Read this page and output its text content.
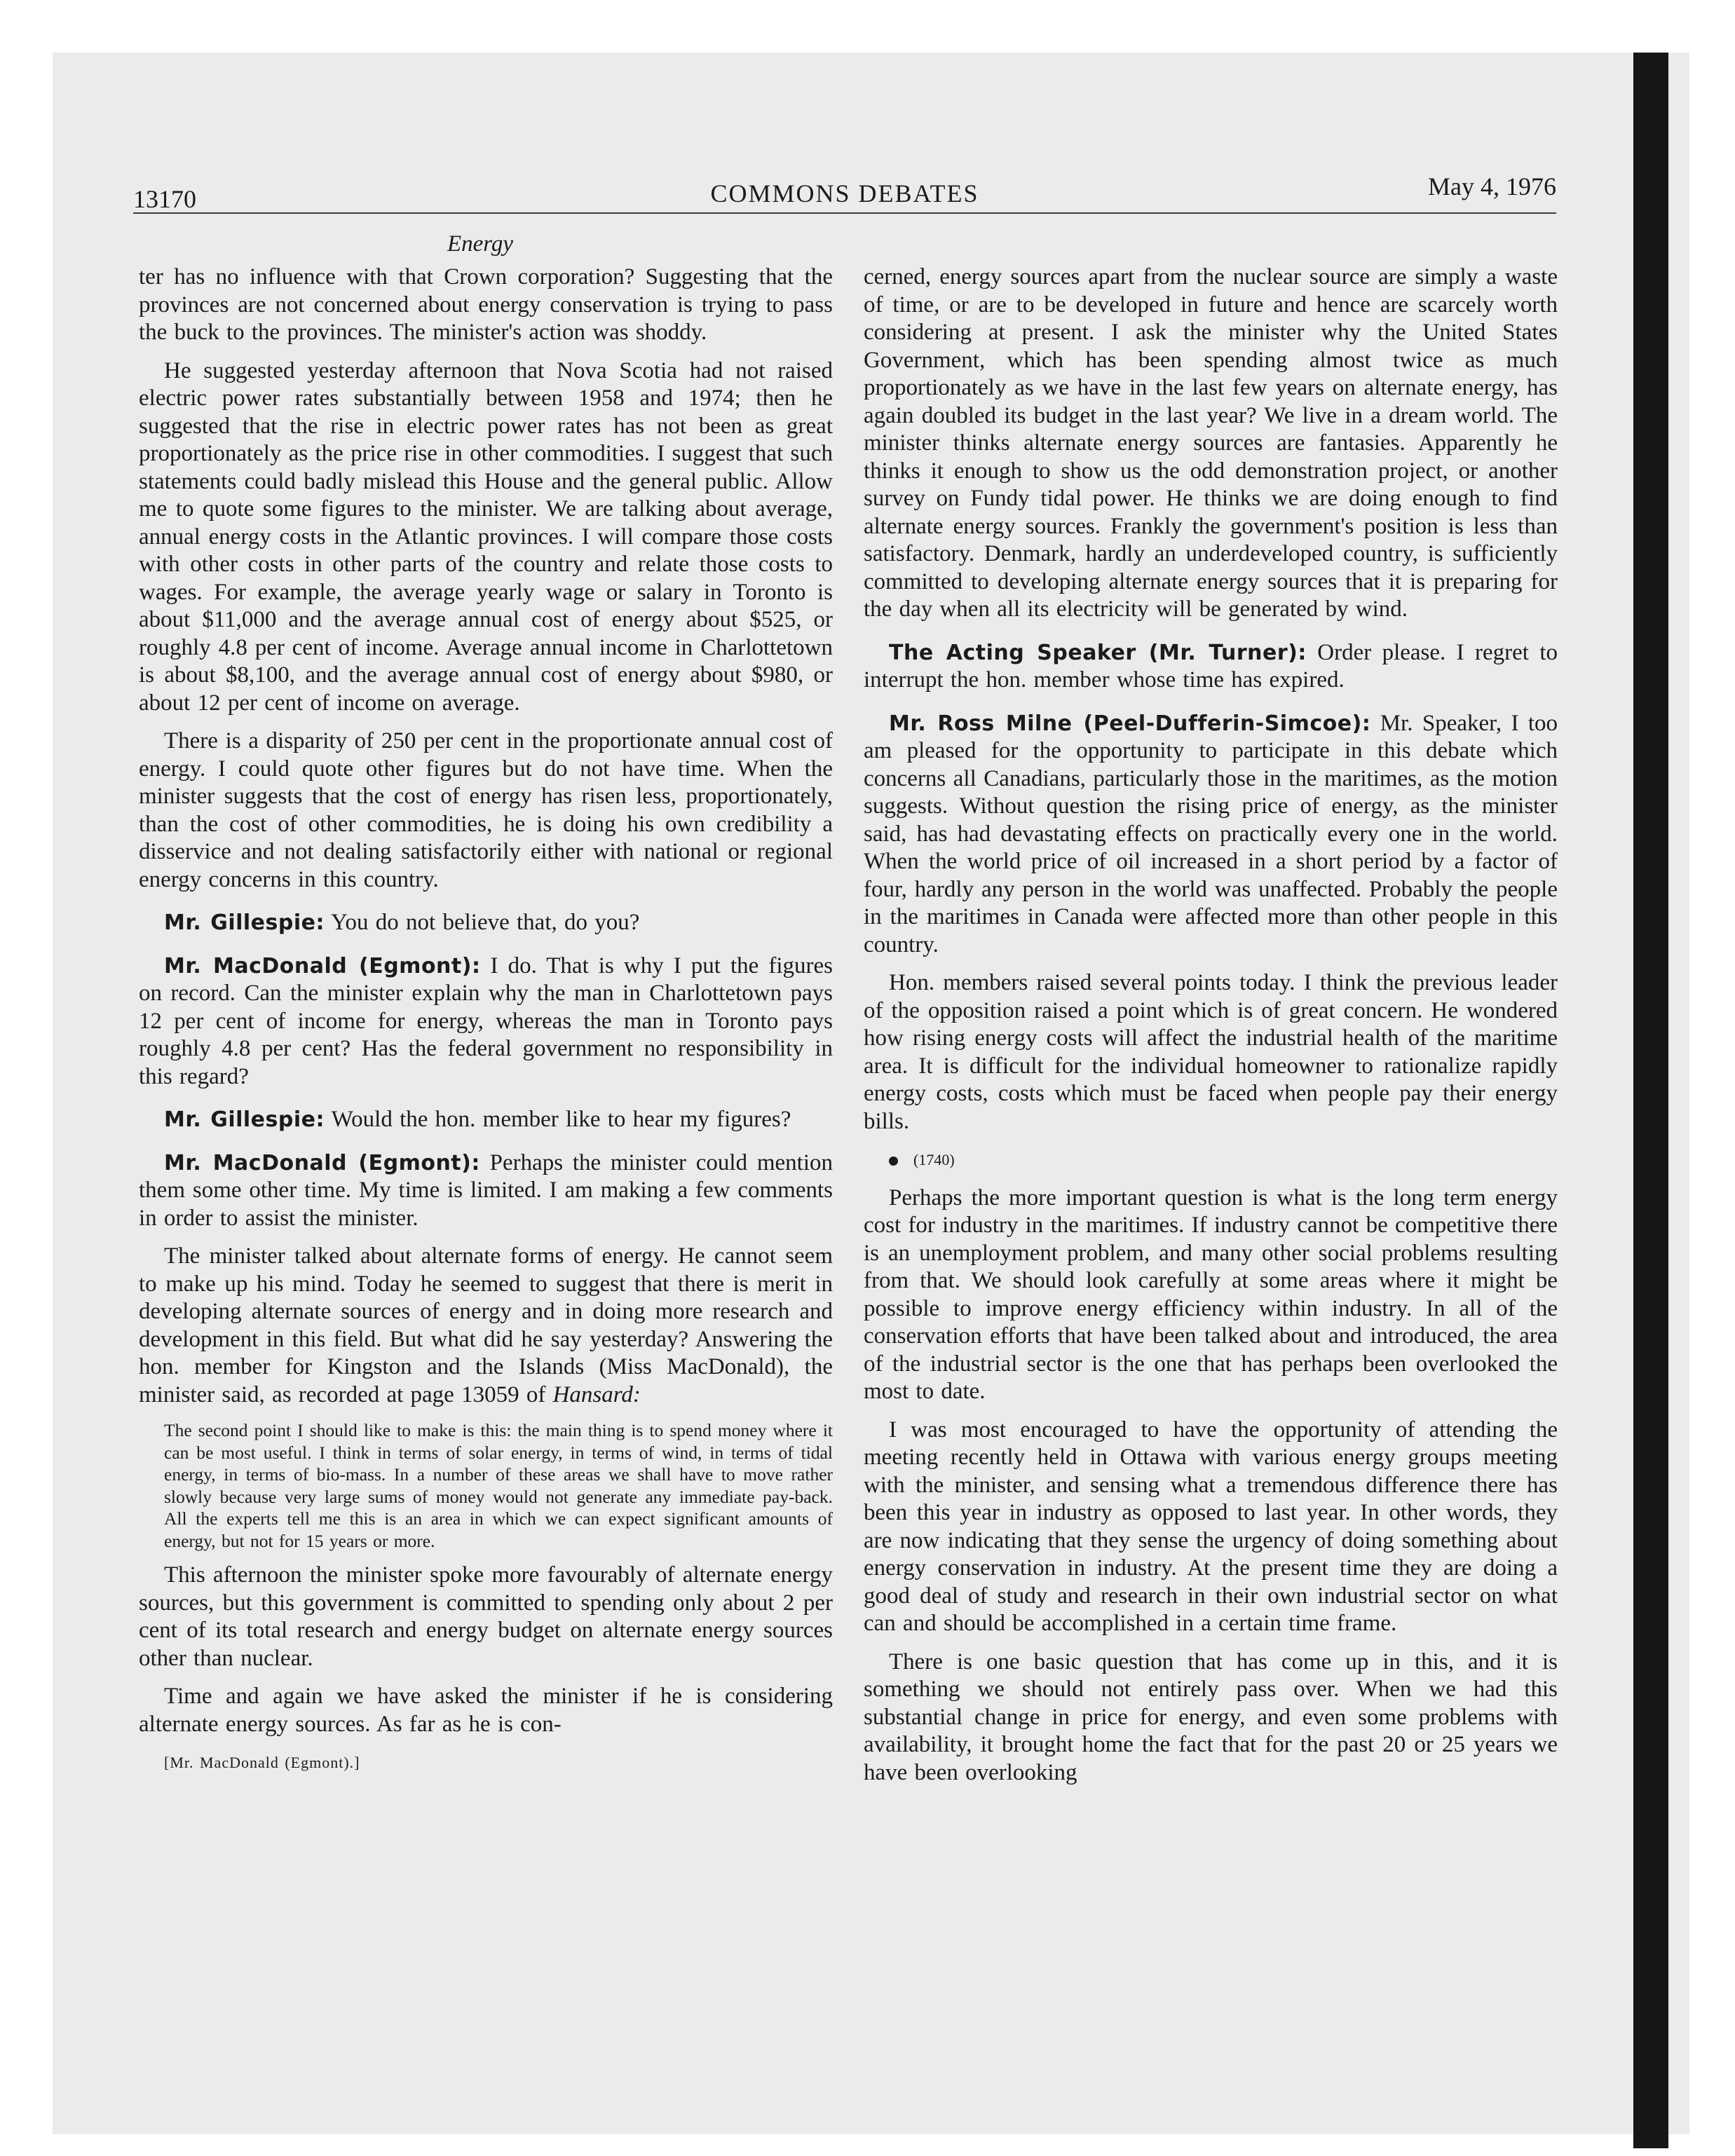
13170	COMMONS DEBATES	May 4, 1976
Energy

ter has no influence with that Crown corporation? Suggesting that the provinces are not concerned about energy conservation is trying to pass the buck to the provinces. The minister's action was shoddy.

He suggested yesterday afternoon that Nova Scotia had not raised electric power rates substantially between 1958 and 1974; then he suggested that the rise in electric power rates has not been as great proportionately as the price rise in other commodities. I suggest that such statements could badly mislead this House and the general public. Allow me to quote some figures to the minister. We are talking about average, annual energy costs in the Atlantic provinces. I will compare those costs with other costs in other parts of the country and relate those costs to wages. For example, the average yearly wage or salary in Toronto is about $11,000 and the average annual cost of energy about $525, or roughly 4.8 per cent of income. Average annual income in Charlottetown is about $8,100, and the average annual cost of energy about $980, or about 12 per cent of income on average.

There is a disparity of 250 per cent in the proportionate annual cost of energy. I could quote other figures but do not have time. When the minister suggests that the cost of energy has risen less, proportionately, than the cost of other commodities, he is doing his own credibility a disservice and not dealing satisfactorily either with national or regional energy concerns in this country.

Mr. Gillespie: You do not believe that, do you?

Mr. MacDonald (Egmont): I do. That is why I put the figures on record. Can the minister explain why the man in Charlottetown pays 12 per cent of income for energy, whereas the man in Toronto pays roughly 4.8 per cent? Has the federal government no responsibility in this regard?

Mr. Gillespie: Would the hon. member like to hear my figures?

Mr. MacDonald (Egmont): Perhaps the minister could mention them some other time. My time is limited. I am making a few comments in order to assist the minister.

The minister talked about alternate forms of energy. He cannot seem to make up his mind. Today he seemed to suggest that there is merit in developing alternate sources of energy and in doing more research and development in this field. But what did he say yesterday? Answering the hon. member for Kingston and the Islands (Miss MacDonald), the minister said, as recorded at page 13059 of Hansard:

The second point I should like to make is this: the main thing is to spend money where it can be most useful. I think in terms of solar energy, in terms of wind, in terms of tidal energy, in terms of bio-mass. In a number of these areas we shall have to move rather slowly because very large sums of money would not generate any immediate pay-back. All the experts tell me this is an area in which we can expect significant amounts of energy, but not for 15 years or more.

This afternoon the minister spoke more favourably of alternate energy sources, but this government is committed to spending only about 2 per cent of its total research and energy budget on alternate energy sources other than nuclear.

Time and again we have asked the minister if he is considering alternate energy sources. As far as he is con-

[Mr. MacDonald (Egmont).]

cerned, energy sources apart from the nuclear source are simply a waste of time, or are to be developed in future and hence are scarcely worth considering at present. I ask the minister why the United States Government, which has been spending almost twice as much proportionately as we have in the last few years on alternate energy, has again doubled its budget in the last year? We live in a dream world. The minister thinks alternate energy sources are fantasies. Apparently he thinks it enough to show us the odd demonstration project, or another survey on Fundy tidal power. He thinks we are doing enough to find alternate energy sources. Frankly the government's position is less than satisfactory. Denmark, hardly an underdeveloped country, is sufficiently committed to developing alternate energy sources that it is preparing for the day when all its electricity will be generated by wind.

The Acting Speaker (Mr. Turner): Order please. I regret to interrupt the hon. member whose time has expired.

Mr. Ross Milne (Peel-Dufferin-Simcoe): Mr. Speaker, I too am pleased for the opportunity to participate in this debate which concerns all Canadians, particularly those in the maritimes, as the motion suggests. Without question the rising price of energy, as the minister said, has had devastating effects on practically every one in the world. When the world price of oil increased in a short period by a factor of four, hardly any person in the world was unaffected. Probably the people in the maritimes in Canada were affected more than other people in this country.

Hon. members raised several points today. I think the previous leader of the opposition raised a point which is of great concern. He wondered how rising energy costs will affect the industrial health of the maritime area. It is difficult for the individual homeowner to rationalize rapidly energy costs, costs which must be faced when people pay their energy bills.

(1740)

Perhaps the more important question is what is the long term energy cost for industry in the maritimes. If industry cannot be competitive there is an unemployment problem, and many other social problems resulting from that. We should look carefully at some areas where it might be possible to improve energy efficiency within industry. In all of the conservation efforts that have been talked about and introduced, the area of the industrial sector is the one that has perhaps been overlooked the most to date.

I was most encouraged to have the opportunity of attending the meeting recently held in Ottawa with various energy groups meeting with the minister, and sensing what a tremendous difference there has been this year in industry as opposed to last year. In other words, they are now indicating that they sense the urgency of doing something about energy conservation in industry. At the present time they are doing a good deal of study and research in their own industrial sector on what can and should be accomplished in a certain time frame.

There is one basic question that has come up in this, and it is something we should not entirely pass over. When we had this substantial change in price for energy, and even some problems with availability, it brought home the fact that for the past 20 or 25 years we have been overlooking
